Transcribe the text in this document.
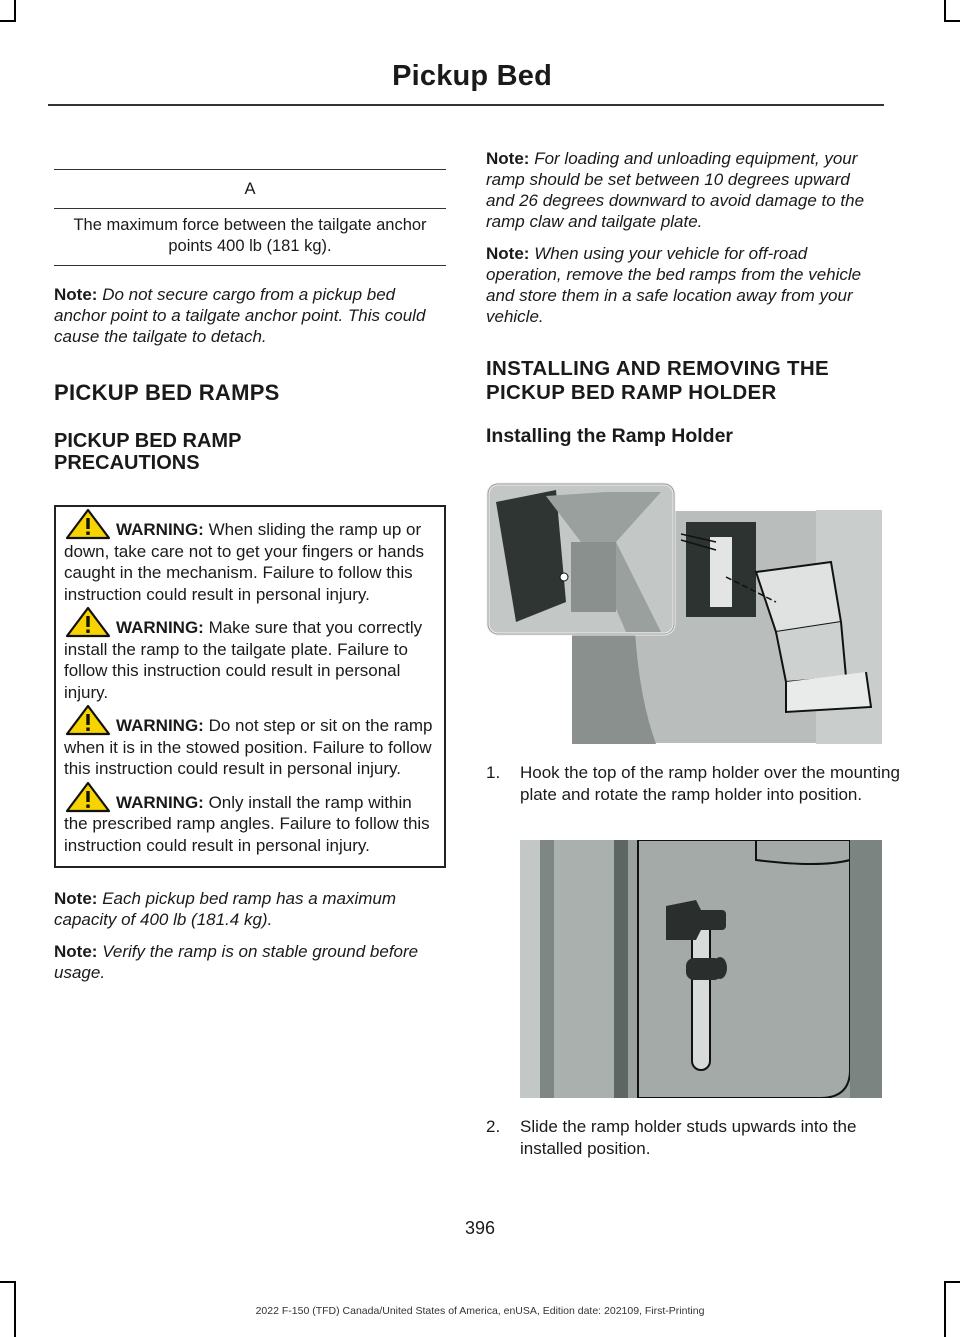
Pickup Bed
A
The maximum force between the tailgate anchor points 400 lb (181 kg).

Note: Do not secure cargo from a pickup bed anchor point to a tailgate anchor point. This could cause the tailgate to detach.

PICKUP BED RAMPS
PICKUP BED RAMP PRECAUTIONS

WARNING: When sliding the ramp up or down, take care not to get your fingers or hands caught in the mechanism. Failure to follow this instruction could result in personal injury.

WARNING: Make sure that you correctly install the ramp to the tailgate plate. Failure to follow this instruction could result in personal injury.

WARNING: Do not step or sit on the ramp when it is in the stowed position. Failure to follow this instruction could result in personal injury.

WARNING: Only install the ramp within the prescribed ramp angles. Failure to follow this instruction could result in personal injury.

Note: Each pickup bed ramp has a maximum capacity of 400 lb (181.4 kg).

Note: Verify the ramp is on stable ground before usage.

Note: For loading and unloading equipment, your ramp should be set between 10 degrees upward and 26 degrees downward to avoid damage to the ramp claw and tailgate plate.

Note: When using your vehicle for off-road operation, remove the bed ramps from the vehicle and store them in a safe location away from your vehicle.

INSTALLING AND REMOVING THE PICKUP BED RAMP HOLDER
Installing the Ramp Holder

1. Hook the top of the ramp holder over the mounting plate and rotate the ramp holder into position.

2. Slide the ramp holder studs upwards into the installed position.

396
2022 F-150 (TFD) Canada/United States of America, enUSA, Edition date: 202109, First-Printing
